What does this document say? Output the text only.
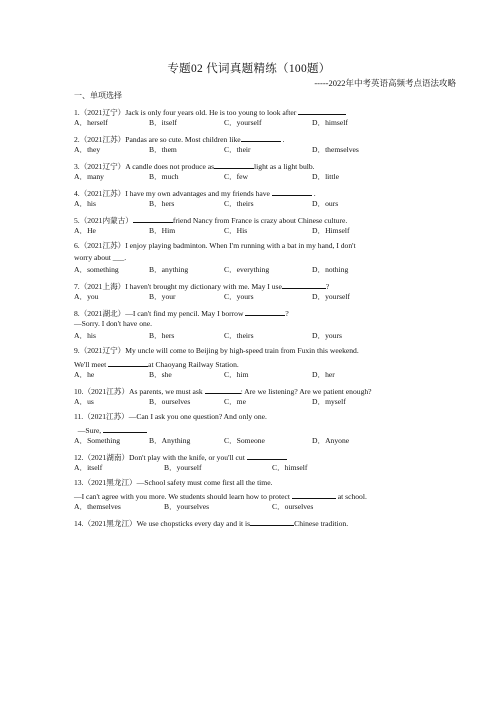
专题02 代词真题精练（100题）
-----2022年中考英语高频考点语法攻略
一、单项选择
1.（2021辽宁）Jack is only four years old. He is too young to look after
A．herself	B．itself	C．yourself	D．himself
2.（2021江苏）Pandas are so cute. Most children like	.
A．they	B．them	C．their	D．themselves
3.（2021辽宁）A candle does not produce as	light as a light bulb.
A．many	B．much	C．few	D．little
4.（2021江苏）I have my own advantages and my friends have	.
A．his	B．hers	C．theirs	D．ours
5.（2021内蒙古）	friend Nancy from France is crazy about Chinese culture.
A．He	B．Him	C．His	D．Himself
6.（2021江苏）I enjoy playing badminton. When I'm running with a bat in my hand, I don't
worry about ___.
A．something	B．anything	C．everything	D．nothing
7.（2021上海）I haven't brought my dictionary with me. May I use	?
A．you	B．your	C．yours	D．yourself
8.（2021湖北）—I can't find my pencil. May I borrow	?
—Sorry. I don't have one.
A．his	B．hers	C．theirs	D．yours
9.（2021辽宁）My uncle will come to Beijing by high-speed train from Fuxin this weekend.
We'll meet	at Chaoyang Railway Station.
A．he	B．she	C．him	D．her
10.（2021江苏）As parents, we must ask	: Are we listening? Are we patient enough?
A．us	B．ourselves	C．me	D．myself
11.（2021江苏）—Can I ask you one question? And only one.
—Sure,
A．Something	B．Anything	C．Someone	D．Anyone
12.（2021湖南）Don't play with the knife, or you'll cut
A．itself	B．yourself	C．himself
13.（2021黑龙江）—School safety must come first all the time.
—I can't agree with you more. We students should learn how to protect	at school.
A．themselves	B．yourselves	C．ourselves
14.（2021黑龙江）We use chopsticks every day and it is	Chinese tradition.
